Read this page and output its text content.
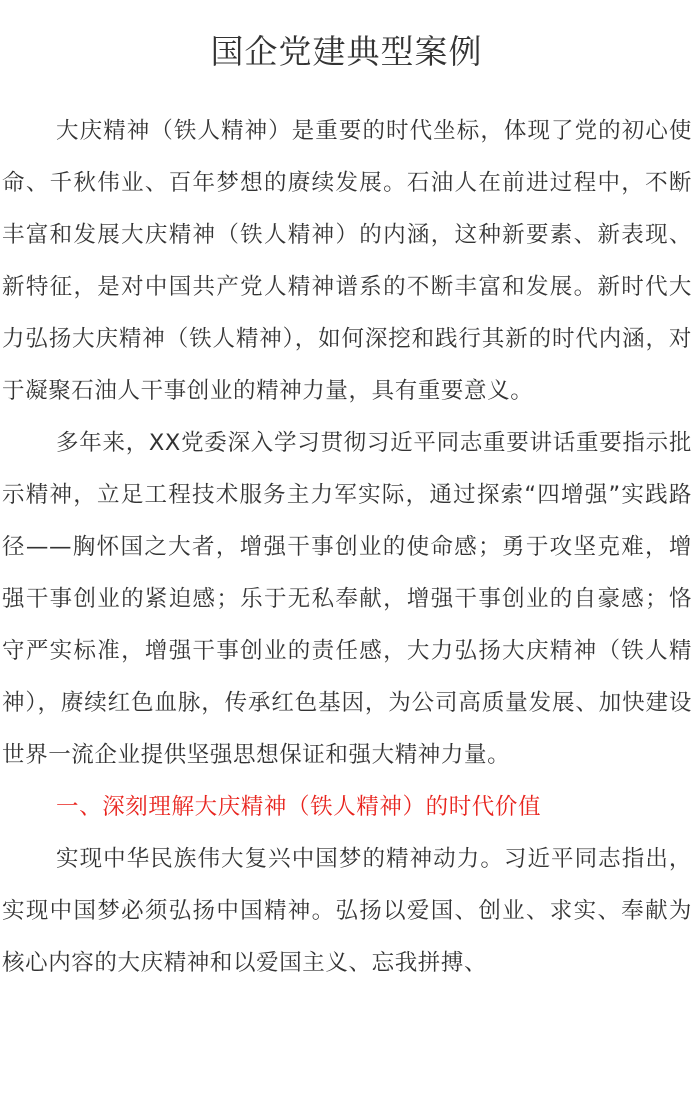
国企党建典型案例

大庆精神（铁人精神）是重要的时代坐标，体现了党的初心使命、千秋伟业、百年梦想的赓续发展。石油人在前进过程中，不断丰富和发展大庆精神（铁人精神）的内涵，这种新要素、新表现、新特征，是对中国共产党人精神谱系的不断丰富和发展。新时代大力弘扬大庆精神（铁人精神），如何深挖和践行其新的时代内涵，对于凝聚石油人干事创业的精神力量，具有重要意义。

多年来，XX党委深入学习贯彻习近平同志重要讲话重要指示批示精神，立足工程技术服务主力军实际，通过探索“四增强”实践路径——胸怀国之大者，增强干事创业的使命感；勇于攻坚克难，增强干事创业的紧迫感；乐于无私奉献，增强干事创业的自豪感；恪守严实标准，增强干事创业的责任感，大力弘扬大庆精神（铁人精神），赓续红色血脉，传承红色基因，为公司高质量发展、加快建设世界一流企业提供坚强思想保证和强大精神力量。

一、深刻理解大庆精神（铁人精神）的时代价值

实现中华民族伟大复兴中国梦的精神动力。习近平同志指出，实现中国梦必须弘扬中国精神。弘扬以爱国、创业、求实、奉献为核心内容的大庆精神和以爱国主义、忘我拼搏、
